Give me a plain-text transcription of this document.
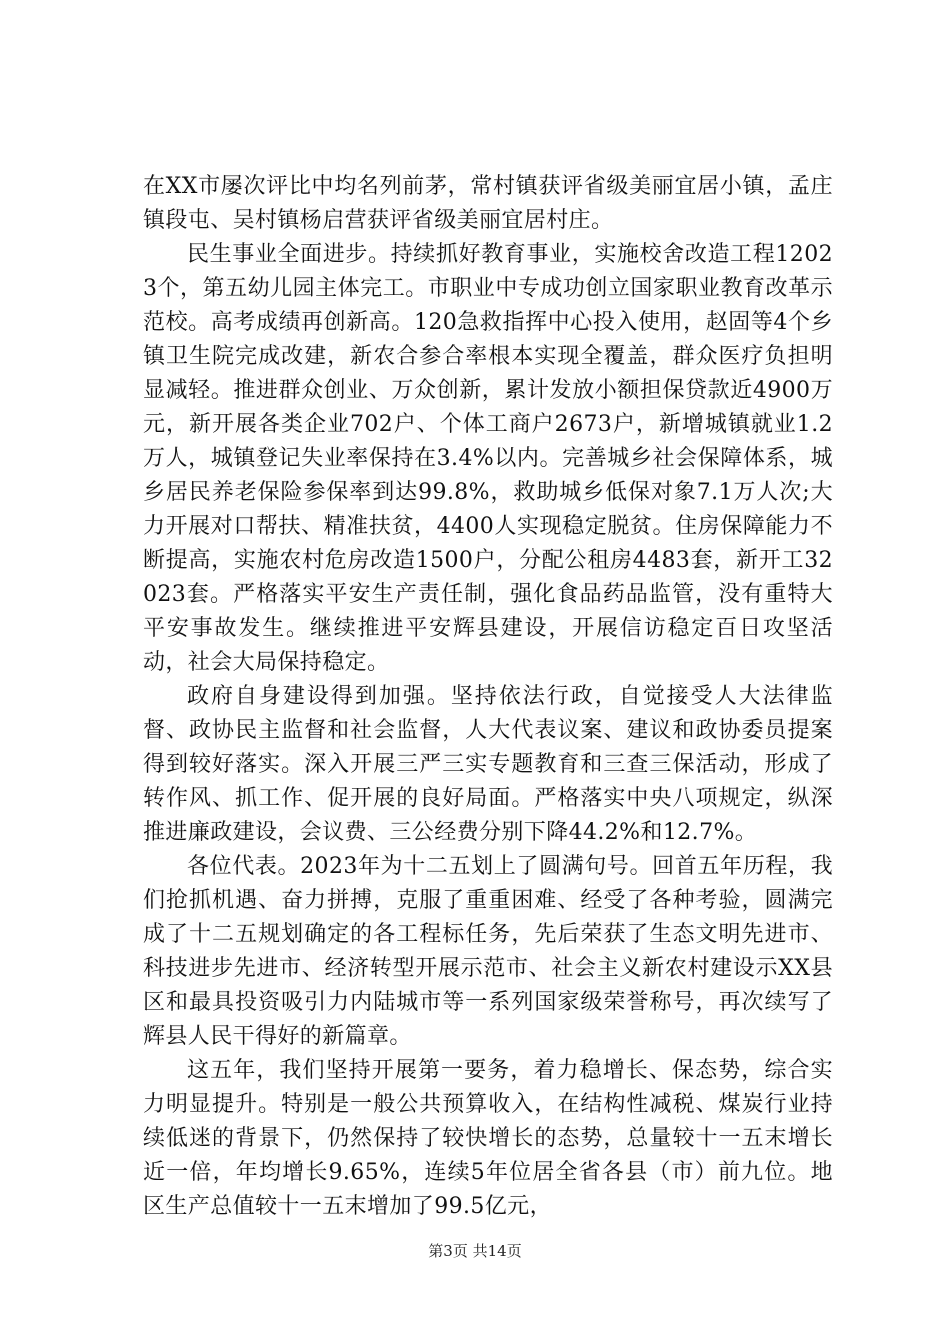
在XX市屡次评比中均名列前茅，常村镇获评省级美丽宜居小镇，孟庄镇段屯、吴村镇杨启营获评省级美丽宜居村庄。

民生事业全面进步。持续抓好教育事业，实施校舍改造工程12023个，第五幼儿园主体完工。市职业中专成功创立国家职业教育改革示范校。高考成绩再创新高。120急救指挥中心投入使用，赵固等4个乡镇卫生院完成改建，新农合参合率根本实现全覆盖，群众医疗负担明显减轻。推进群众创业、万众创新，累计发放小额担保贷款近4900万元，新开展各类企业702户、个体工商户2673户，新增城镇就业1.2万人，城镇登记失业率保持在3.4%以内。完善城乡社会保障体系，城乡居民养老保险参保率到达99.8%，救助城乡低保对象7.1万人次;大力开展对口帮扶、精准扶贫，4400人实现稳定脱贫。住房保障能力不断提高，实施农村危房改造1500户，分配公租房4483套，新开工32023套。严格落实平安生产责任制，强化食品药品监管，没有重特大平安事故发生。继续推进平安辉县建设，开展信访稳定百日攻坚活动，社会大局保持稳定。

政府自身建设得到加强。坚持依法行政，自觉接受人大法律监督、政协民主监督和社会监督，人大代表议案、建议和政协委员提案得到较好落实。深入开展三严三实专题教育和三查三保活动，形成了转作风、抓工作、促开展的良好局面。严格落实中央八项规定，纵深推进廉政建设，会议费、三公经费分别下降44.2%和12.7%。

各位代表。2023年为十二五划上了圆满句号。回首五年历程，我们抢抓机遇、奋力拼搏，克服了重重困难、经受了各种考验，圆满完成了十二五规划确定的各工程标任务，先后荣获了生态文明先进市、科技进步先进市、经济转型开展示范市、社会主义新农村建设示XX县区和最具投资吸引力内陆城市等一系列国家级荣誉称号，再次续写了辉县人民干得好的新篇章。

这五年，我们坚持开展第一要务，着力稳增长、保态势，综合实力明显提升。特别是一般公共预算收入，在结构性减税、煤炭行业持续低迷的背景下，仍然保持了较快增长的态势，总量较十一五末增长近一倍，年均增长9.65%，连续5年位居全省各县（市）前九位。地区生产总值较十一五末增加了99.5亿元，

第3页 共14页
